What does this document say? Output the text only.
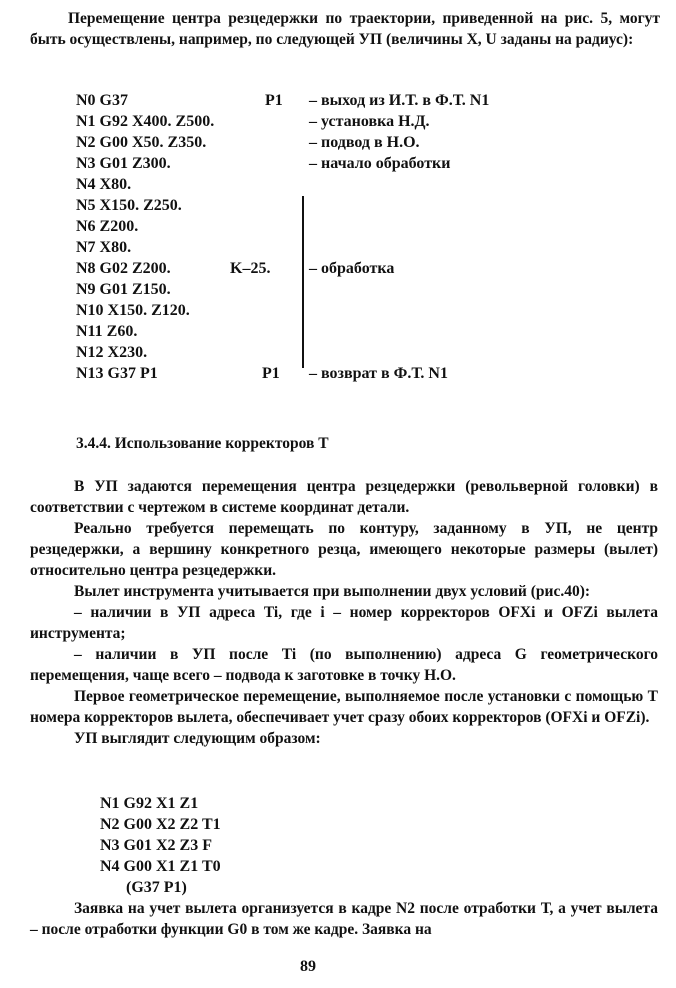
Перемещение центра резцедержки по траектории, приведенной на рис. 5, могут быть осуществлены, например, по следующей УП (величины X, U заданы на радиус):

N0 G37	P1 – выход из И.Т. в Ф.Т. N1
N1 G92 X400. Z500.	– установка Н.Д.
N2 G00 X50. Z350.	– подвод в Н.О.
N3 G01 Z300.	– начало обработки
N4 X80.
N5 X150. Z250.
N6 Z200.
N7 X80.
N8 G02 Z200.	K–25. – обработка
N9 G01 Z150.
N10 X150. Z120.
N11 Z60.
N12 X230.
N13 G37 P1	P1 – возврат в Ф.Т. N1
3.4.4. Использование корректоров Т

В УП задаются перемещения центра резцедержки (револьверной головки) в соответствии с чертежом в системе координат детали.

Реально требуется перемещать по контуру, заданному в УП, не центр резцедержки, а вершину конкретного резца, имеющего некоторые размеры (вылет) относительно центра резцедержки.

Вылет инструмента учитывается при выполнении двух условий (рис.40):

– наличии в УП адреса Ti, где i – номер корректоров OFXi и OFZi вылета инструмента;

– наличии в УП после Ti (по выполнению) адреса G геометрического перемещения, чаще всего – подвода к заготовке в точку Н.О.

Первое геометрическое перемещение, выполняемое после установки с помощью Т номера корректоров вылета, обеспечивает учет сразу обоих корректоров (OFXi и OFZi).

УП выглядит следующим образом:

N1 G92 X1 Z1
N2 G00 X2 Z2 T1
N3 G01 X2 Z3 F
N4 G00 X1 Z1 T0
(G37 P1)

Заявка на учет вылета организуется в кадре N2 после отработки Т, а учет вылета – после отработки функции G0 в том же кадре. Заявка на

89
